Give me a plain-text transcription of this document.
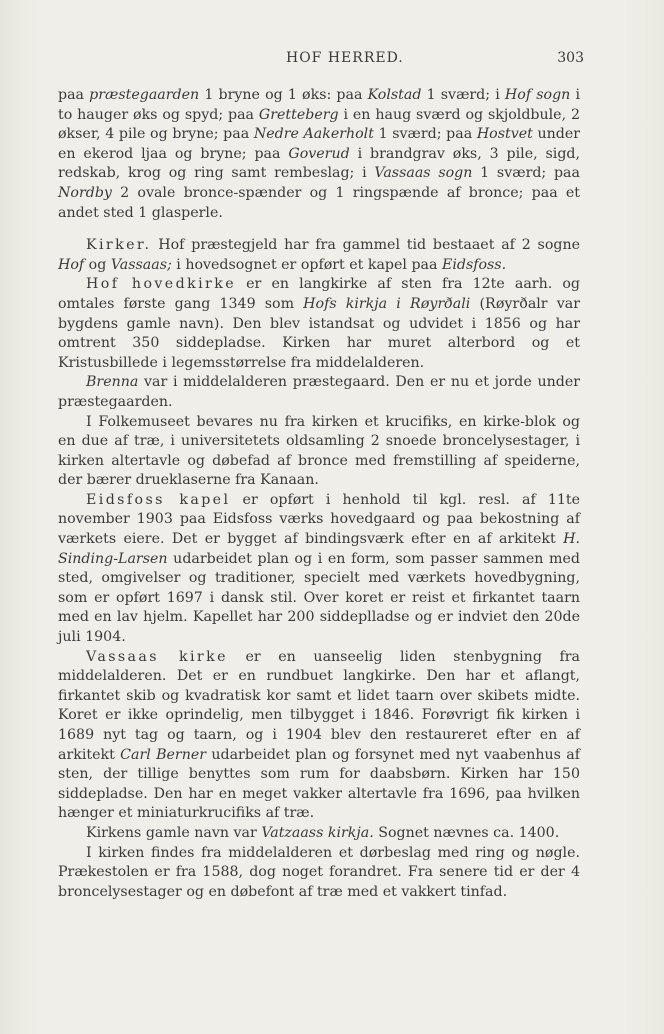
HOF HERRED.	303

paa præstegaarden 1 bryne og 1 øks: paa Kolstad 1 sværd; i Hof sogn i to hauger øks og spyd; paa Gretteberg i en haug sværd og skjoldbule, 2 økser, 4 pile og bryne; paa Nedre Aakerholt 1 sværd; paa Hostvet under en ekerod ljaa og bryne; paa Goverud i brandgrav øks, 3 pile, sigd, redskab, krog og ring samt rembeslag; i Vassaas sogn 1 sværd; paa Nordby 2 ovale bronce-spænder og 1 ringspænde af bronce; paa et andet sted 1 glasperle.

Kirker. Hof præstegjeld har fra gammel tid bestaaet af 2 sogne Hof og Vassaas; i hovedsognet er opført et kapel paa Eidsfoss.

Hof hovedkirke er en langkirke af sten fra 12te aarh. og omtales første gang 1349 som Hofs kirkja i Røyrðali (Røyrðalr var bygdens gamle navn). Den blev istandsat og udvidet i 1856 og har omtrent 350 siddepladse. Kirken har muret alterbord og et Kristusbillede i legemsstørrelse fra middelalderen.

Brenna var i middelalderen præstegaard. Den er nu et jorde under præstegaarden.

I Folkemuseet bevares nu fra kirken et krucifiks, en kirke-blok og en due af træ, i universitetets oldsamling 2 snoede broncelysestager, i kirken altertavle og døbefad af bronce med fremstilling af speiderne, der bærer drueklaserne fra Kanaan.

Eidsfoss kapel er opført i henhold til kgl. resl. af 11te november 1903 paa Eidsfoss værks hovedgaard og paa bekostning af værkets eiere. Det er bygget af bindingsværk efter en af arkitekt H. Sinding-Larsen udarbeidet plan og i en form, som passer sammen med sted, omgivelser og traditioner, specielt med værkets hovedbygning, som er opført 1697 i dansk stil. Over koret er reist et firkantet taarn med en lav hjelm. Kapellet har 200 siddeplladse og er indviet den 20de juli 1904.

Vassaas kirke er en uanseelig liden stenbygning fra middelalderen. Det er en rundbuet langkirke. Den har et aflangt, firkantet skib og kvadratisk kor samt et lidet taarn over skibets midte. Koret er ikke oprindelig, men tilbygget i 1846. Forøvrigt fik kirken i 1689 nyt tag og taarn, og i 1904 blev den restaureret efter en af arkitekt Carl Berner udarbeidet plan og forsynet med nyt vaabenhus af sten, der tillige benyttes som rum for daabsbørn. Kirken har 150 siddepladse. Den har en meget vakker altertavle fra 1696, paa hvilken hænger et miniaturkrucifiks af træ.

Kirkens gamle navn var Vatzaass kirkja. Sognet nævnes ca. 1400.

I kirken findes fra middelalderen et dørbeslag med ring og nøgle. Prækestolen er fra 1588, dog noget forandret. Fra senere tid er der 4 broncelysestager og en døbefont af træ med et vakkert tinfad.
